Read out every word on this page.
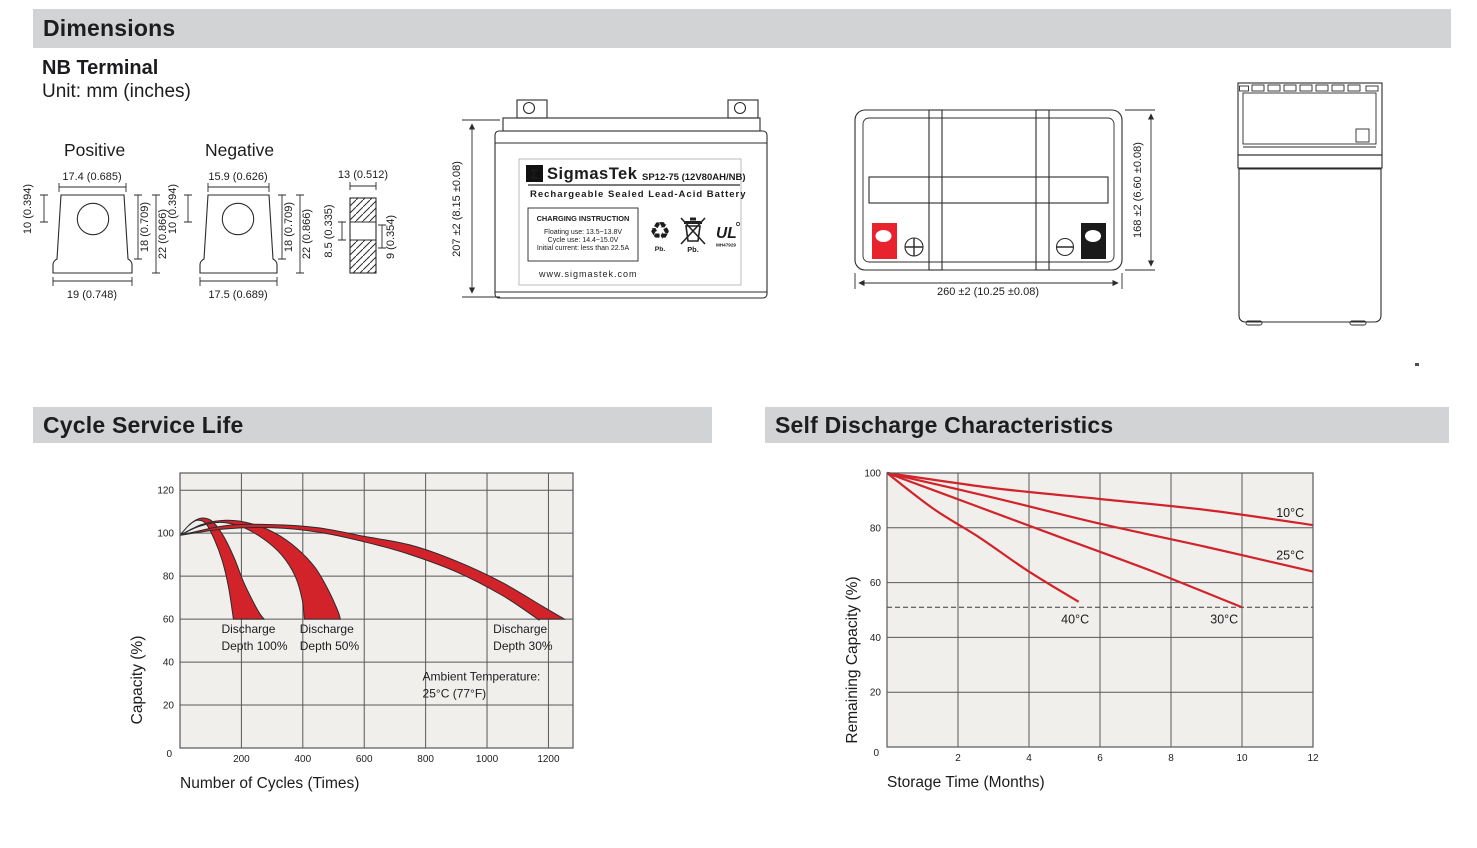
Dimensions
NB Terminal
Unit: mm (inches)
Positive
17.4 (0.685)
19 (0.748)
10 (0.394)	18 (0.709) 22 (0.866)
Negative
15.9 (0.626)
17.5 (0.689)
10 (0.394)	18 (0.709) 22 (0.866)
13 (0.512)
8.5 (0.335)	9 (0.354)	207 ±2 (8.15 ±0.08)	Σ SigmasTek SP12-75 (12V80AH/NB)
Rechargeable Sealed Lead-Acid Battery
CHARGING INSTRUCTION
Floating use: 13.5~13.8V
Cycle use: 14.4~15.0V
Initial current: less than 22.5A
♻
Pb.	Pb.
UL
MH47929
www.sigmastek.com
260 ±2 (10.25 ±0.08)
168 ±2 (6.60 ±0.08)
Cycle Service Life	Self Discharge Characteristics
120
100
80
60
40
20
200	400	600	800	1000	1200
0
Discharge
Depth 100%
Discharge
Depth 50%
Discharge
Depth 30%
Ambient Temperature:
25°C (77°F)
Number of Cycles (Times)
Capacity (%)
10°C
25°C
30°C
40°C
100
80
60
40
20
2	4	6	8	10	12
0
Storage Time (Months)
Remaining Capacity (%)
